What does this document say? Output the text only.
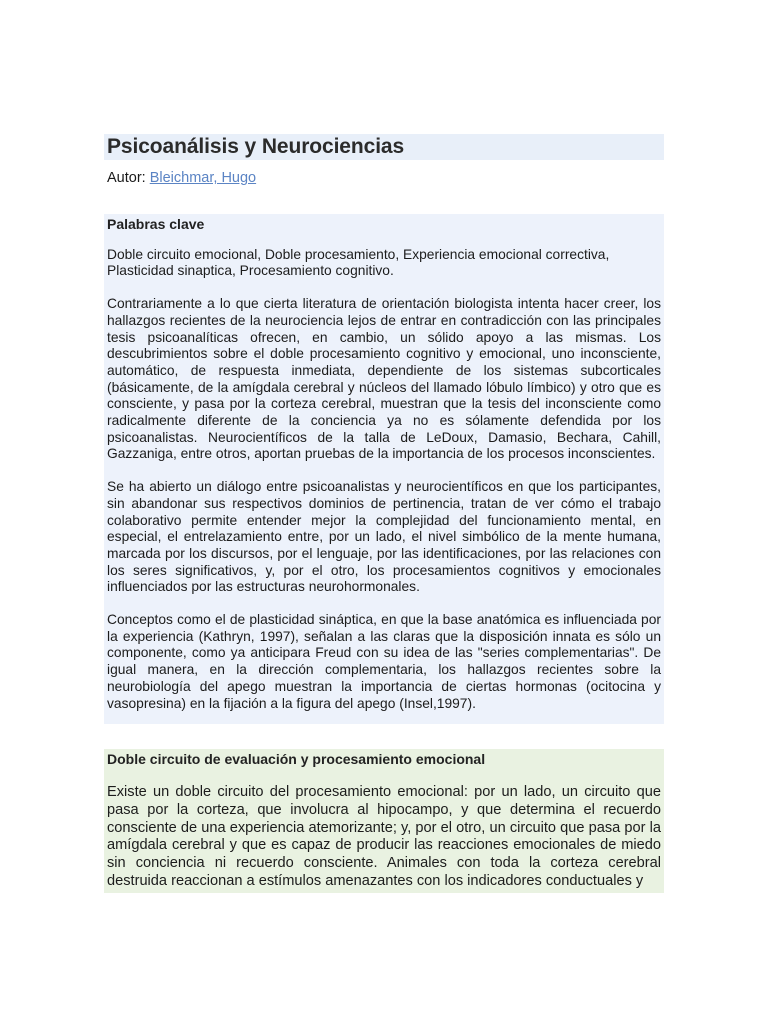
Psicoanálisis y Neurociencias
Autor: Bleichmar, Hugo
Palabras clave

Doble circuito emocional, Doble procesamiento, Experiencia emocional correctiva, Plasticidad sinaptica, Procesamiento cognitivo.

Contrariamente a lo que cierta literatura de orientación biologista intenta hacer creer, los hallazgos recientes de la neurociencia lejos de entrar en contradicción con las principales tesis psicoanalíticas ofrecen, en cambio, un sólido apoyo a las mismas. Los descubrimientos sobre el doble procesamiento cognitivo y emocional, uno inconsciente, automático, de respuesta inmediata, dependiente de los sistemas subcorticales (básicamente, de la amígdala cerebral y núcleos del llamado lóbulo límbico) y otro que es consciente, y pasa por la corteza cerebral, muestran que la tesis del inconsciente como radicalmente diferente de la conciencia ya no es sólamente defendida por los psicoanalistas. Neurocientíficos de la talla de LeDoux, Damasio, Bechara, Cahill, Gazzaniga, entre otros, aportan pruebas de la importancia de los procesos inconscientes.

Se ha abierto un diálogo entre psicoanalistas y neurocientíficos en que los participantes, sin abandonar sus respectivos dominios de pertinencia, tratan de ver cómo el trabajo colaborativo permite entender mejor la complejidad del funcionamiento mental, en especial, el entrelazamiento entre, por un lado, el nivel simbólico de la mente humana, marcada por los discursos, por el lenguaje, por las identificaciones, por las relaciones con los seres significativos, y, por el otro, los procesamientos cognitivos y emocionales influenciados por las estructuras neurohormonales.

Conceptos como el de plasticidad sináptica, en que la base anatómica es influenciada por la experiencia (Kathryn, 1997), señalan a las claras que la disposición innata es sólo un componente, como ya anticipara Freud con su idea de las "series complementarias". De igual manera, en la dirección complementaria, los hallazgos recientes sobre la neurobiología del apego muestran la importancia de ciertas hormonas (ocitocina y vasopresina) en la fijación a la figura del apego (Insel,1997).

Doble circuito de evaluación y procesamiento emocional

Existe un doble circuito del procesamiento emocional: por un lado, un circuito que pasa por la corteza, que involucra al hipocampo, y que determina el recuerdo consciente de una experiencia atemorizante; y, por el otro, un circuito que pasa por la amígdala cerebral y que es capaz de producir las reacciones emocionales de miedo sin conciencia ni recuerdo consciente. Animales con toda la corteza cerebral destruida reaccionan a estímulos amenazantes con los indicadores conductuales y
